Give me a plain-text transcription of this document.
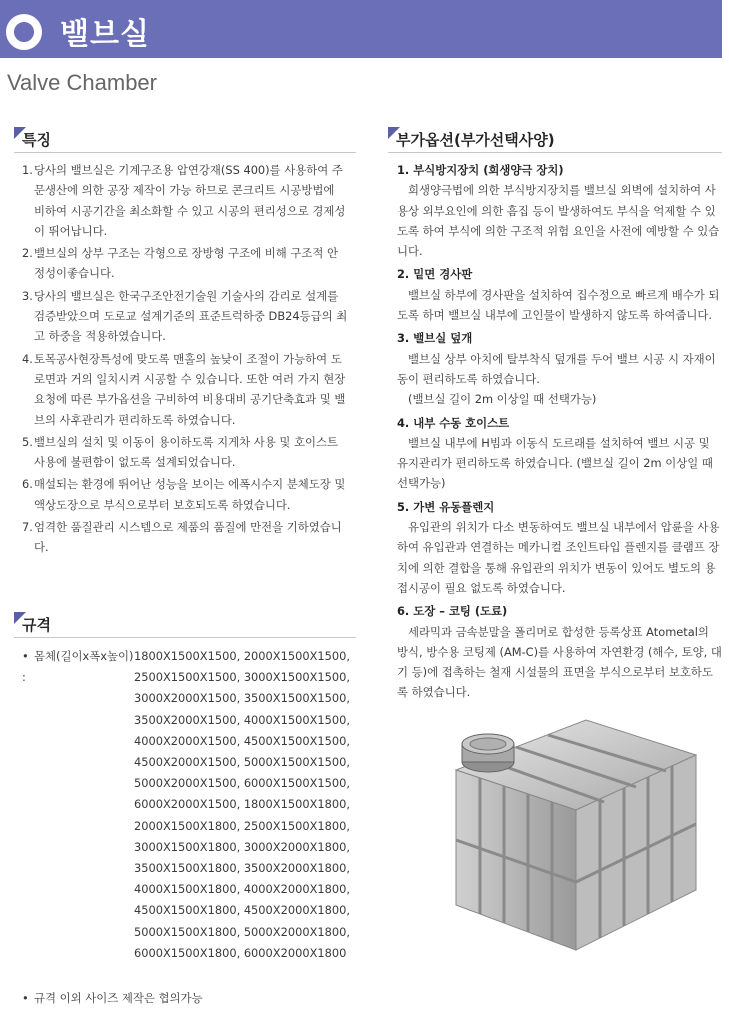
밸브실
Valve Chamber
특징
1. 당사의 밸브실은 기계구조용 압연강재(SS 400)를 사용하여 주문생산에 의한 공장 제작이 가능 하므로 콘크리트 시공방법에 비하여 시공기간을 최소화할 수 있고 시공의 편리성으로 경제성이 뛰어납니다.
2. 밸브실의 상부 구조는 각형으로 장방형 구조에 비해 구조적 안정성이좋습니다.
3. 당사의 밸브실은 한국구조안전기술원 기술사의 감리로 설계를 검증받았으며 도로교 설계기준의 표준트럭하중 DB24등급의 최고 하중을 적용하였습니다.
4. 토목공사현장특성에 맞도록 맨홀의 높낮이 조절이 가능하여 도로면과 거의 일치시켜 시공할 수 있습니다. 또한 여러 가지 현장 요청에 따른 부가옵션을 구비하여 비용대비 공기단축효과 및 밸브의 사후관리가 편리하도록 하였습니다.
5. 밸브실의 설치 및 이동이 용이하도록 지게차 사용 및 호이스트 사용에 불편함이 없도록 설계되었습니다.
6. 매설되는 환경에 뛰어난 성능을 보이는 에폭시수지 분체도장 및 액상도장으로 부식으로부터 보호되도록 하였습니다.
7. 엄격한 품질관리 시스템으로 제품의 품질에 만전을 기하였습니다.
부가옵션(부가선택사양)
1. 부식방지장치 (희생양극 장치)
희생양극법에 의한 부식방지장치를 밸브실 외벽에 설치하여 사용상 외부요인에 의한 흠집 등이 발생하여도 부식을 억제할 수 있도록 하여 부식에 의한 구조적 위험 요인을 사전에 예방할 수 있습니다.
2. 밑면 경사판
밸브실 하부에 경사판을 설치하여 집수정으로 빠르게 배수가 되도록 하며 밸브실 내부에 고인물이 발생하지 않도록 하여줍니다.
3. 밸브실 덮개
밸브실 상부 아치에 탈부착식 덮개를 두어 밸브 시공 시 자재이동이 편리하도록 하였습니다.
(밸브실 길이 2m 이상일 때 선택가능)
4. 내부 수동 호이스트
밸브실 내부에 H빔과 이동식 도르래를 설치하여 밸브 시공 및 유지관리가 편리하도록 하였습니다. (밸브실 길이 2m 이상일 때 선택가능)
5. 가변 유동플렌지
유입관의 위치가 다소 변동하여도 밸브실 내부에서 압륜을 사용 하여 유입관과 연결하는 메카니컬 조인트타입 플렌지를 클램프 장치에 의한 결합을 통해 유입관의 위치가 변동이 있어도 별도의 용접시공이 필요 없도록 하였습니다.
6. 도장 – 코팅 (도료)
세라믹과 금속분말을 폴리머로 합성한 등록상표 Atometal의 방식, 방수용 코팅제 (AM-C)를 사용하여 자연환경 (해수, 토양, 대기 등)에 접촉하는 철재 시설물의 표면을 부식으로부터 보호하도록 하였습니다.
규격
• 몸체(길이x폭x높이) :
1800X1500X1500, 2000X1500X1500,
2500X1500X1500, 3000X1500X1500,
3000X2000X1500, 3500X1500X1500,
3500X2000X1500, 4000X1500X1500,
4000X2000X1500, 4500X1500X1500,
4500X2000X1500, 5000X1500X1500,
5000X2000X1500, 6000X1500X1500,
6000X2000X1500, 1800X1500X1800,
2000X1500X1800, 2500X1500X1800,
3000X1500X1800, 3000X2000X1800,
3500X1500X1800, 3500X2000X1800,
4000X1500X1800, 4000X2000X1800,
4500X1500X1800, 4500X2000X1800,
5000X1500X1800, 5000X2000X1800,
6000X1500X1800, 6000X2000X1800
• 규격 이외 사이즈 제작은 협의가능
